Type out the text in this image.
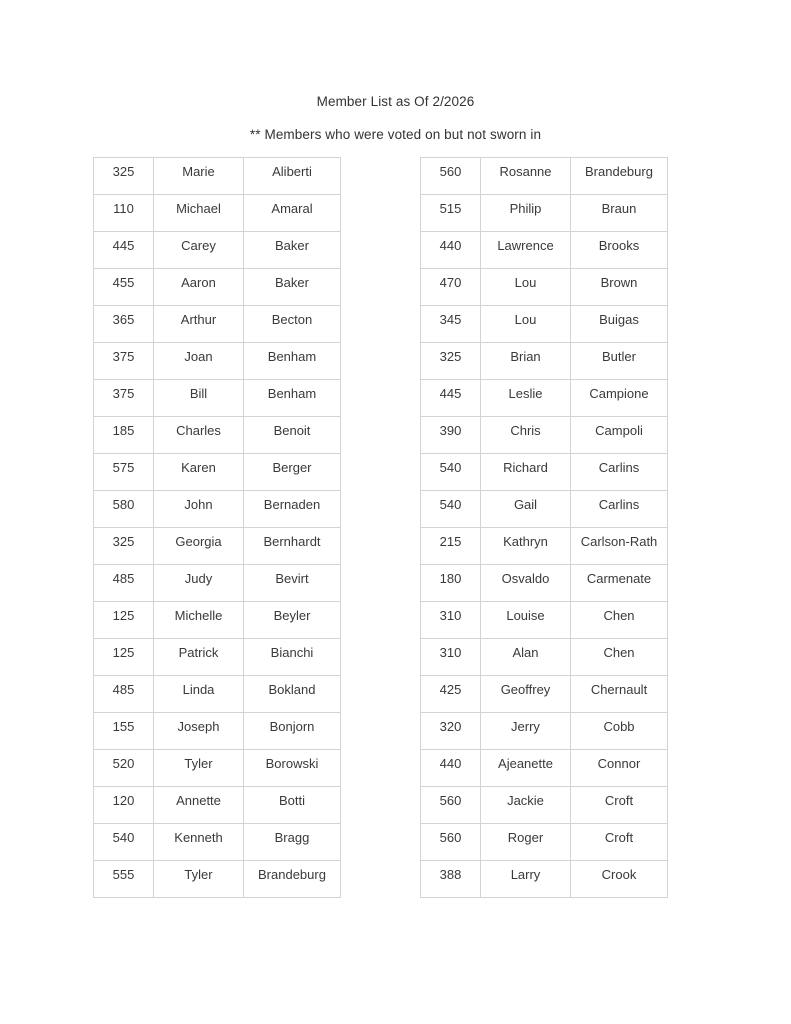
Member List as Of 2/2026
** Members who were voted on but not sworn in
325	Marie	Aliberti
110	Michael	Amaral
445	Carey	Baker
455	Aaron	Baker
365	Arthur	Becton
375	Joan	Benham
375	Bill	Benham
185	Charles	Benoit
575	Karen	Berger
580	John	Bernaden
325	Georgia	Bernhardt
485	Judy	Bevirt
125	Michelle	Beyler
125	Patrick	Bianchi
485	Linda	Bokland
155	Joseph	Bonjorn
520	Tyler	Borowski
120	Annette	Botti
540	Kenneth	Bragg
555	Tyler	Brandeburg
560	Rosanne	Brandeburg
515	Philip	Braun
440	Lawrence	Brooks
470	Lou	Brown
345	Lou	Buigas
325	Brian	Butler
445	Leslie	Campione
390	Chris	Campoli
540	Richard	Carlins
540	Gail	Carlins
215	Kathryn	Carlson-Rath
180	Osvaldo	Carmenate
310	Louise	Chen
310	Alan	Chen
425	Geoffrey	Chernault
320	Jerry	Cobb
440	Ajeanette	Connor
560	Jackie	Croft
560	Roger	Croft
388	Larry	Crook
